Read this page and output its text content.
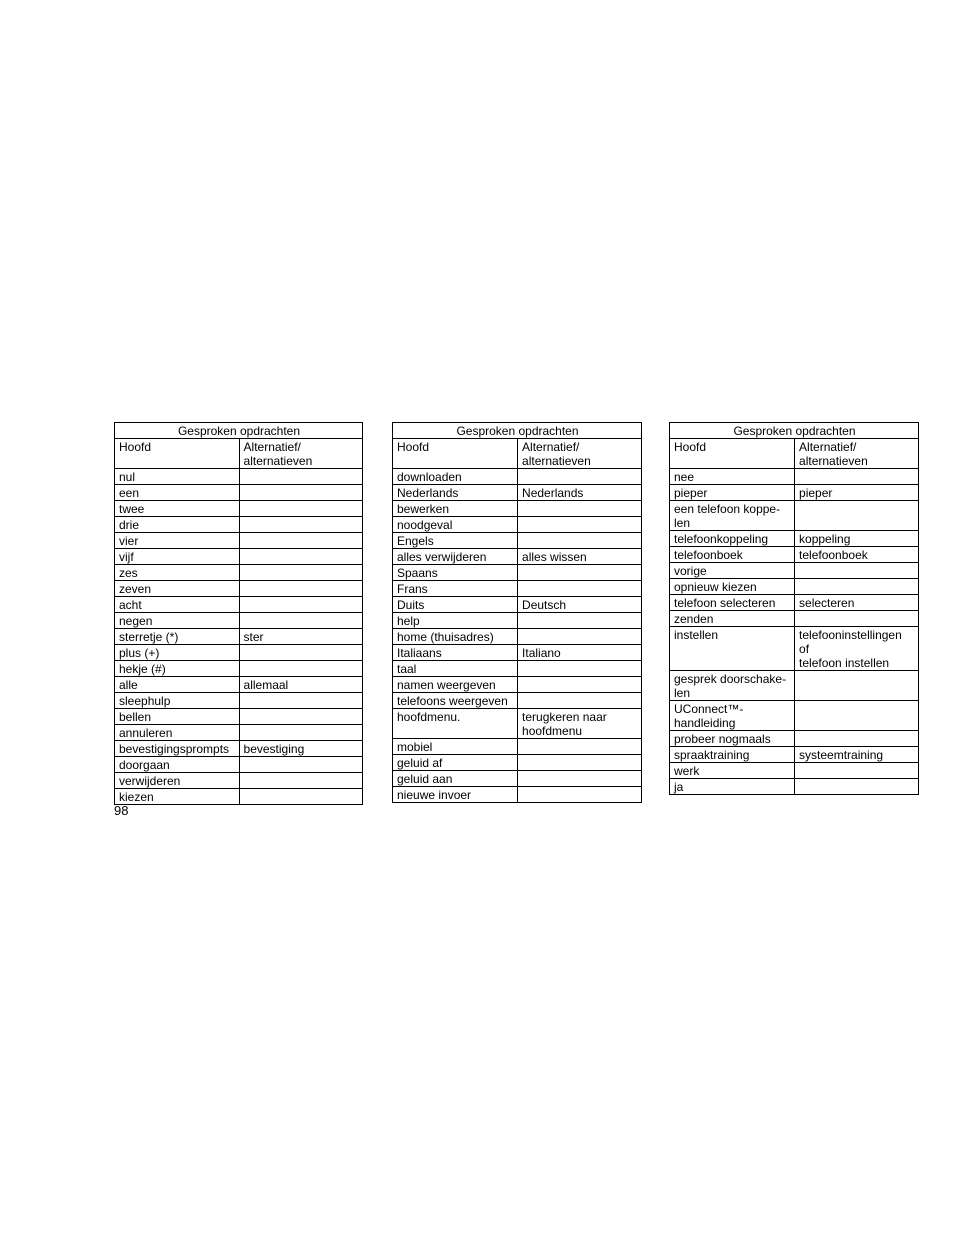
Gesproken opdrachten	
Hoofd	Alternatief/
alternatieven

nul	
een	
twee	
drie	
vier	
vijf	
zes	
zeven	
acht	
negen	
sterretje (*)	ster
plus (+)	
hekje (#)	
alle	allemaal
sleephulp	
bellen	
annuleren	
bevestigingsprompts	bevestiging
doorgaan	
verwijderen	
kiezen	
Gesproken opdrachten	
Hoofd	Alternatief/
alternatieven

downloaden	
Nederlands	Nederlands
bewerken	
noodgeval	
Engels	
alles verwijderen	alles wissen
Spaans	
Frans	
Duits	Deutsch
help	
home (thuisadres)	
Italiaans	Italiano
taal	
namen weergeven	
telefoons weergeven	
hoofdmenu.	terugkeren naar
hoofdmenu

mobiel	
geluid af	
geluid aan	
nieuwe invoer	
Gesproken opdrachten	
Hoofd	Alternatief/
alternatieven

nee	
pieper	pieper
een telefoon koppe-
len	
telefoonkoppeling	koppeling
telefoonboek	telefoonboek
vorige	
opnieuw kiezen	
telefoon selecteren	selecteren
zenden	
instellen	telefooninstellingen of
telefoon instellen

gesprek doorschake-
len	
UConnect™-
handleiding	
probeer nogmaals	
spraaktraining	systeemtraining
werk	
ja	
98
